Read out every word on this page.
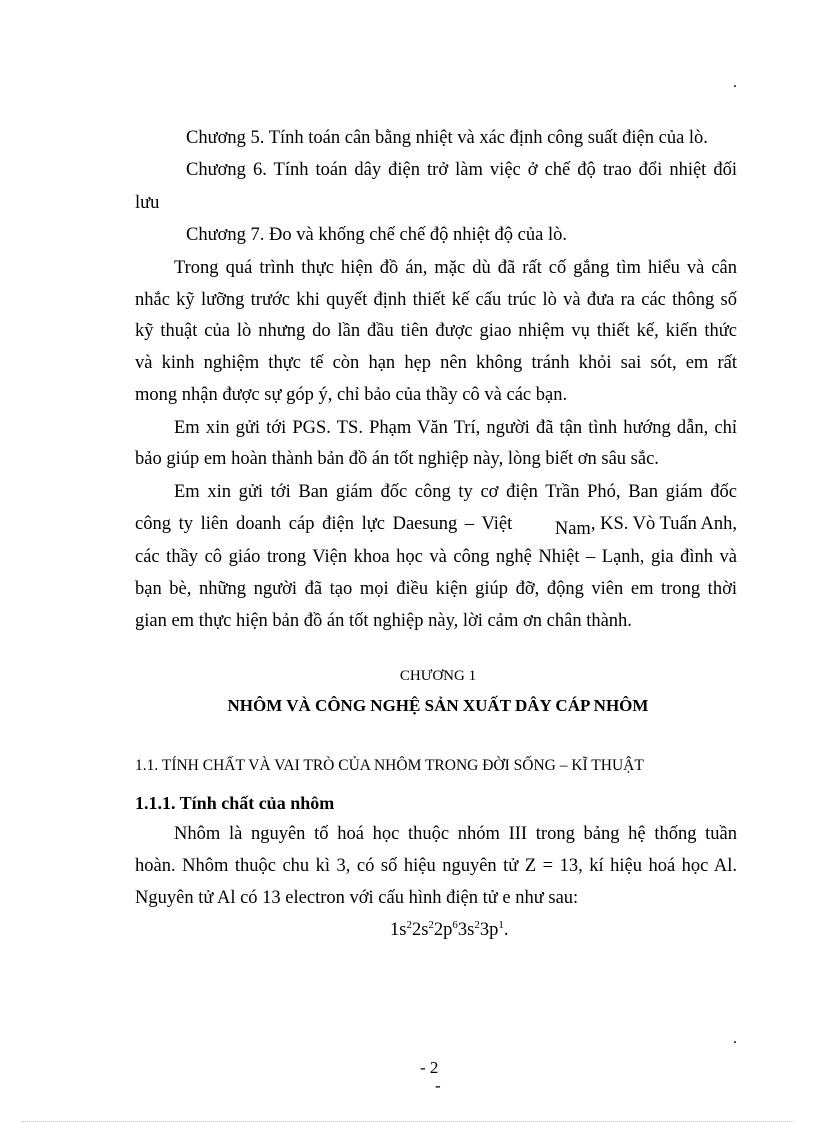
.
Chương 5. Tính toán cân bằng nhiệt và xác định công suất điện của lò.
Chương 6. Tính toán dây điện trở làm việc ở chế độ trao đổi nhiệt đối
lưu
Chương 7. Đo và khống chế chế độ nhiệt độ của lò.
Trong quá trình thực hiện đồ án, mặc dù đã rất cố gắng tìm hiểu và cân
nhắc kỹ lưỡng trước khi quyết định thiết kế cấu trúc lò và đưa ra các thông số
kỹ thuật của lò nhưng do lần đầu tiên được giao nhiệm vụ thiết kế, kiến thức
và kinh nghiệm thực tế còn hạn hẹp nên không tránh khỏi sai sót, em rất
mong nhận được sự góp ý, chỉ bảo của thầy cô và các bạn.
Em xin gửi tới PGS. TS. Phạm Văn Trí, người đã tận tình hướng dẫn, chỉ
bảo giúp em hoàn thành bản đồ án tốt nghiệp này, lòng biết ơn sâu sắc.
Em xin gửi tới Ban giám đốc công ty cơ điện Trần Phó, Ban giám đốc
công ty liên doanh cáp điện lực Daesung – Việt Nam, KS. Vò Tuấn Anh,
các thầy cô giáo trong Viện khoa học và công nghệ Nhiệt – Lạnh, gia đình và
bạn bè, những người đã tạo mọi điều kiện giúp đỡ, động viên em trong thời
gian em thực hiện bản đồ án tốt nghiệp này, lời cảm ơn chân thành.
CHƯƠNG 1
NHÔM VÀ CÔNG NGHỆ SẢN XUẤT DÂY CÁP NHÔM
1.1. TÍNH CHẤT VÀ VAI TRÒ CỦA NHÔM TRONG ĐỜI SỐNG – KĨ THUẬT
1.1.1. Tính chất của nhôm
Nhôm là nguyên tố hoá học thuộc nhóm III trong bảng hệ thống tuần
hoàn. Nhôm thuộc chu kì 3, có số hiệu nguyên tử Z = 13, kí hiệu hoá học Al.
Nguyên tử Al có 13 electron với cấu hình điện tử e như sau:
$1s^22s^22p^63s^23p^1$.
.
- 2
-
